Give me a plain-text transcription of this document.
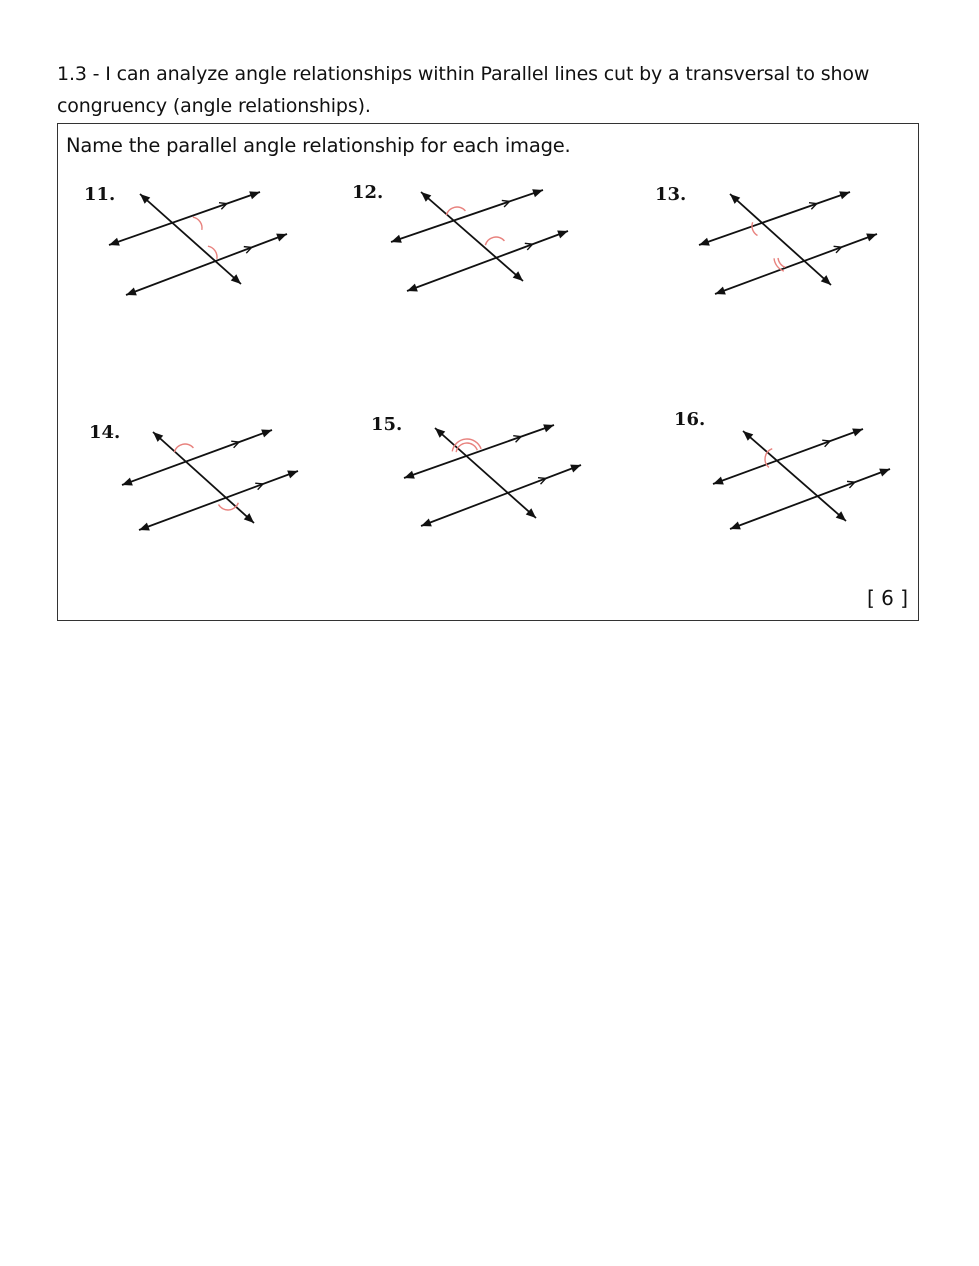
1.3 - I can analyze angle relationships within Parallel lines cut by a transversal to show congruency (angle relationships).
Name the parallel angle relationship for each image.
11.	12.	13.
14.	15.	16.
[ 6 ]
